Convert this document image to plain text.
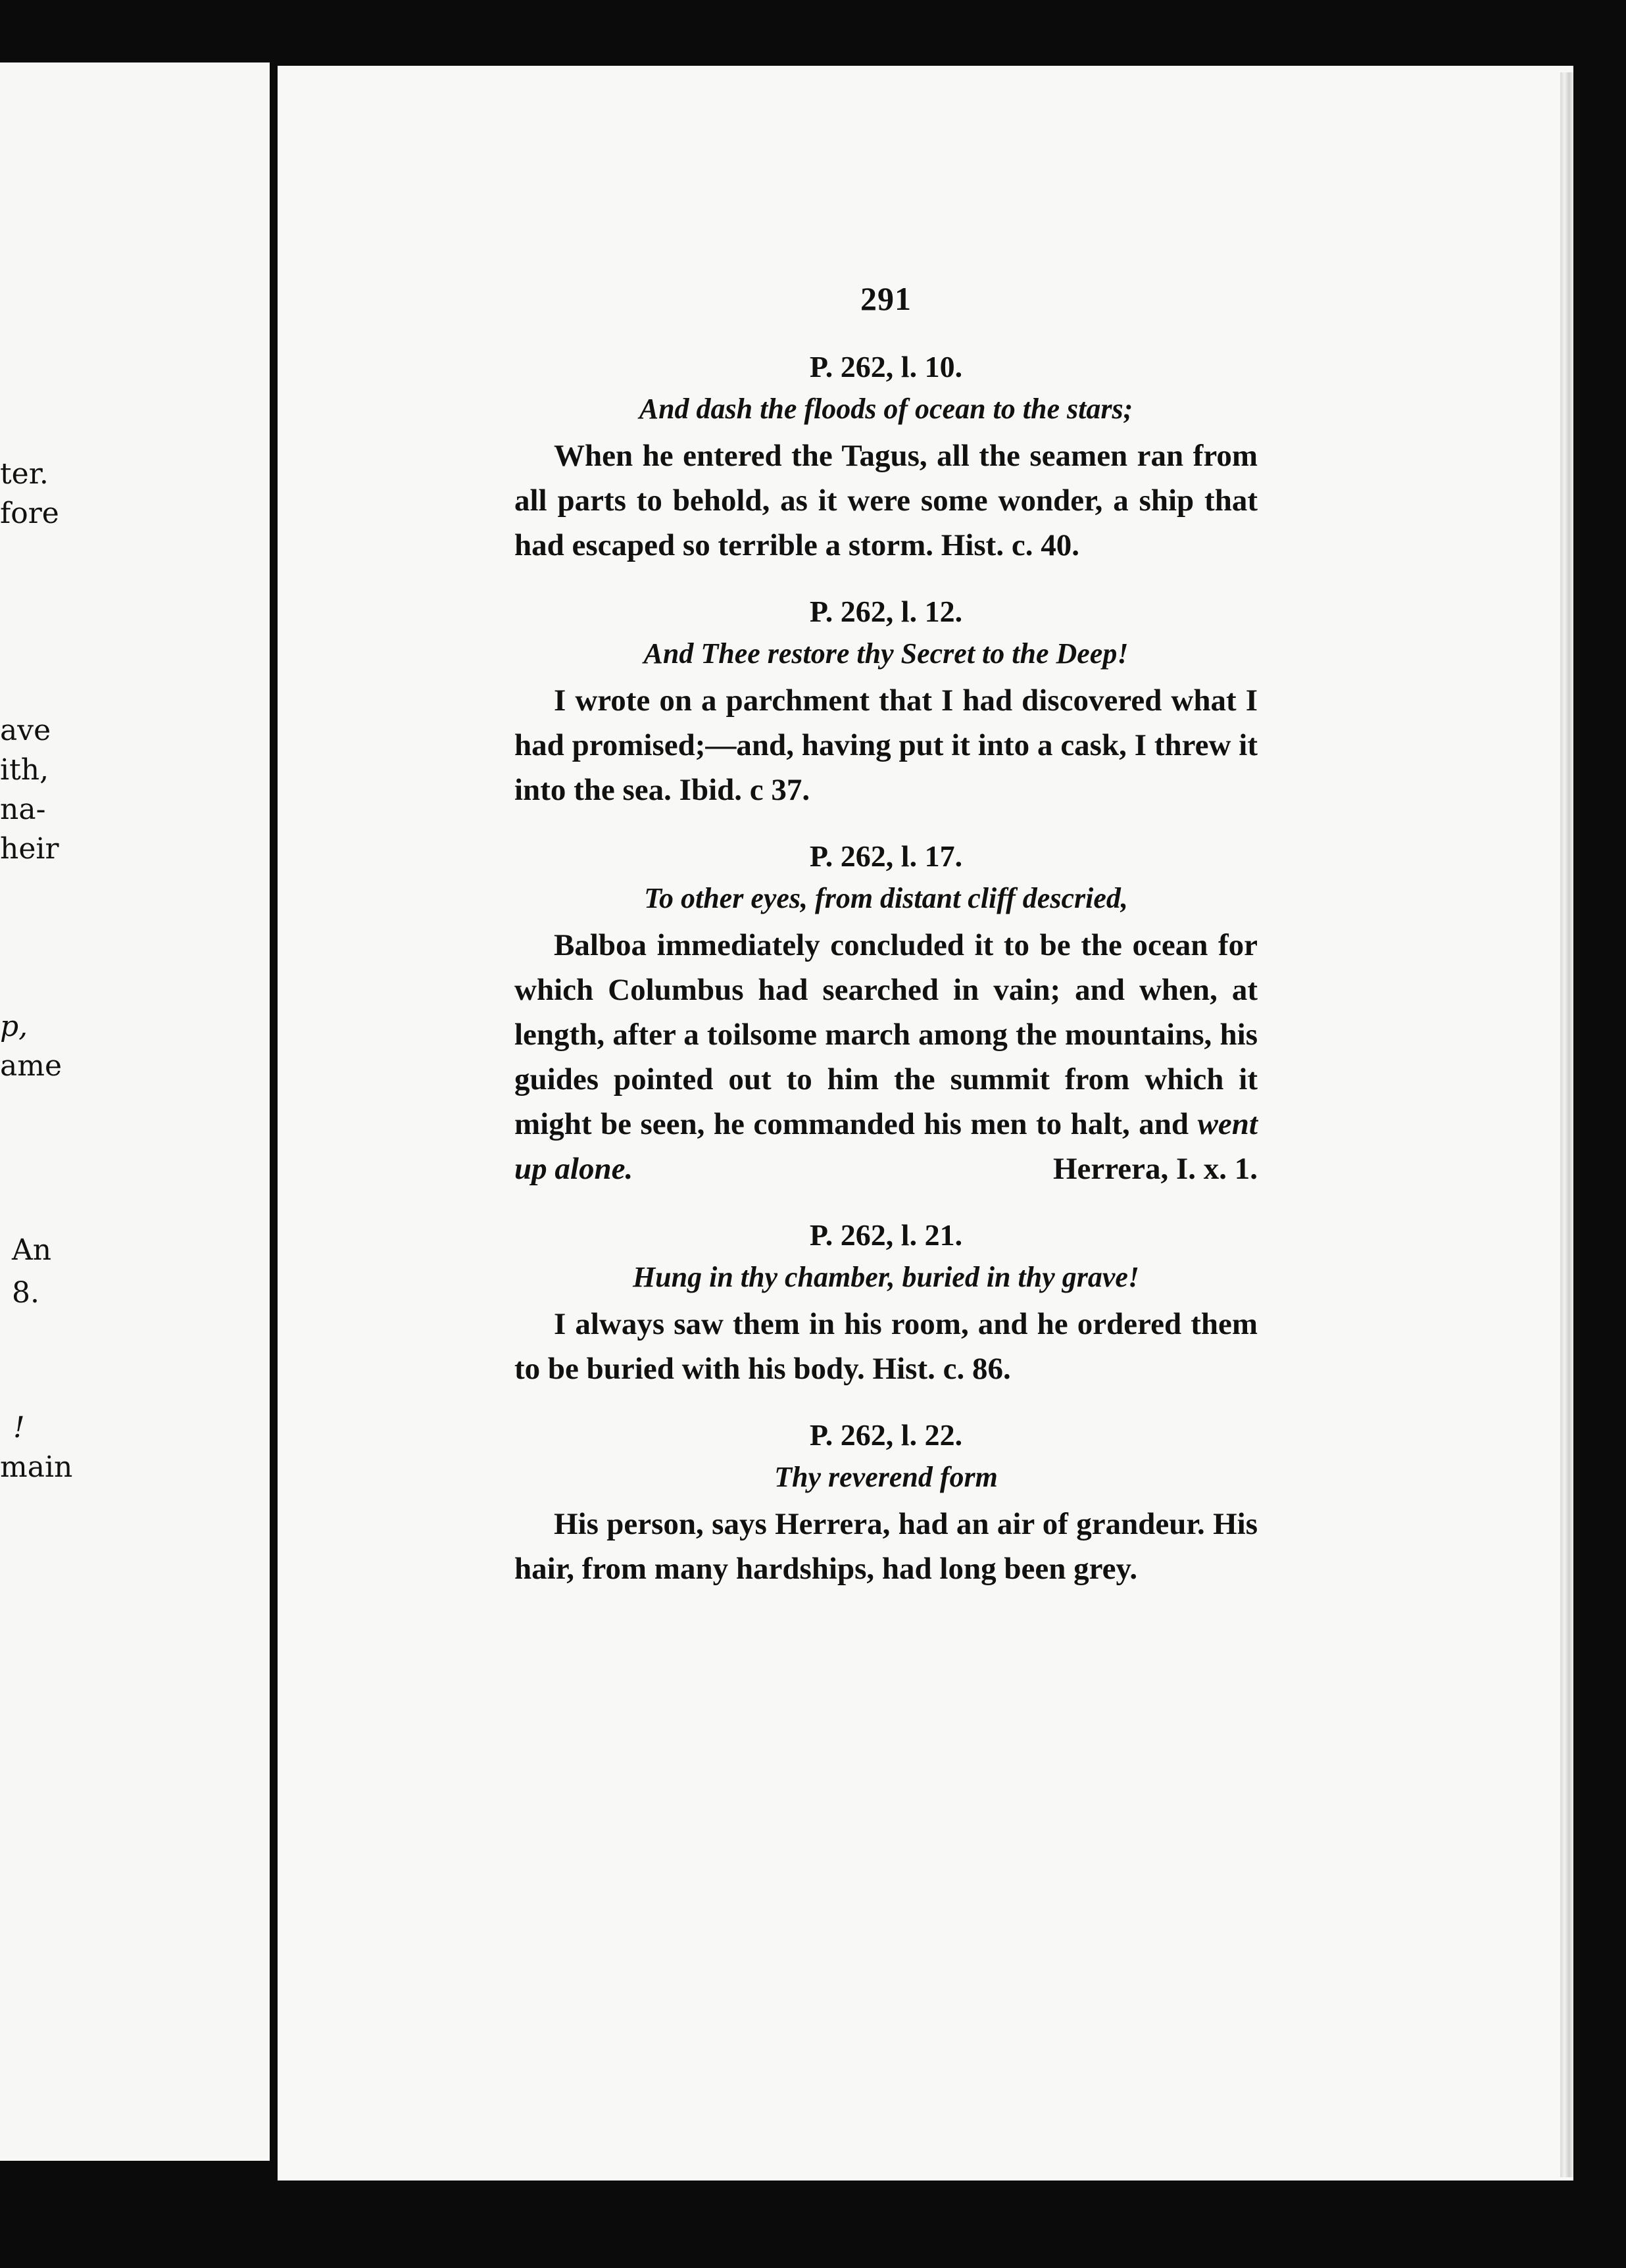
ter.
fore
ave
ith,
na-
heir
p,
ame
An
8.
!
main
291
P. 262, l. 10.
And dash the floods of ocean to the stars;
When he entered the Tagus, all the seamen ran from all parts to behold, as it were some wonder, a ship that had escaped so terrible a storm. Hist. c. 40.
P. 262, l. 12.
And Thee restore thy Secret to the Deep!
I wrote on a parchment that I had discovered what I had promised;—and, having put it into a cask, I threw it into the sea. Ibid. c 37.
P. 262, l. 17.
To other eyes, from distant cliff descried,
Balboa immediately concluded it to be the ocean for which Columbus had searched in vain; and when, at length, after a toilsome march among the mountains, his guides pointed out to him the summit from which it might be seen, he commanded his men to halt, and went up alone.	Herrera, I. x. 1.
P. 262, l. 21.
Hung in thy chamber, buried in thy grave!
I always saw them in his room, and he ordered them to be buried with his body. Hist. c. 86.
P. 262, l. 22.
Thy reverend form
His person, says Herrera, had an air of grandeur. His hair, from many hardships, had long been grey.
